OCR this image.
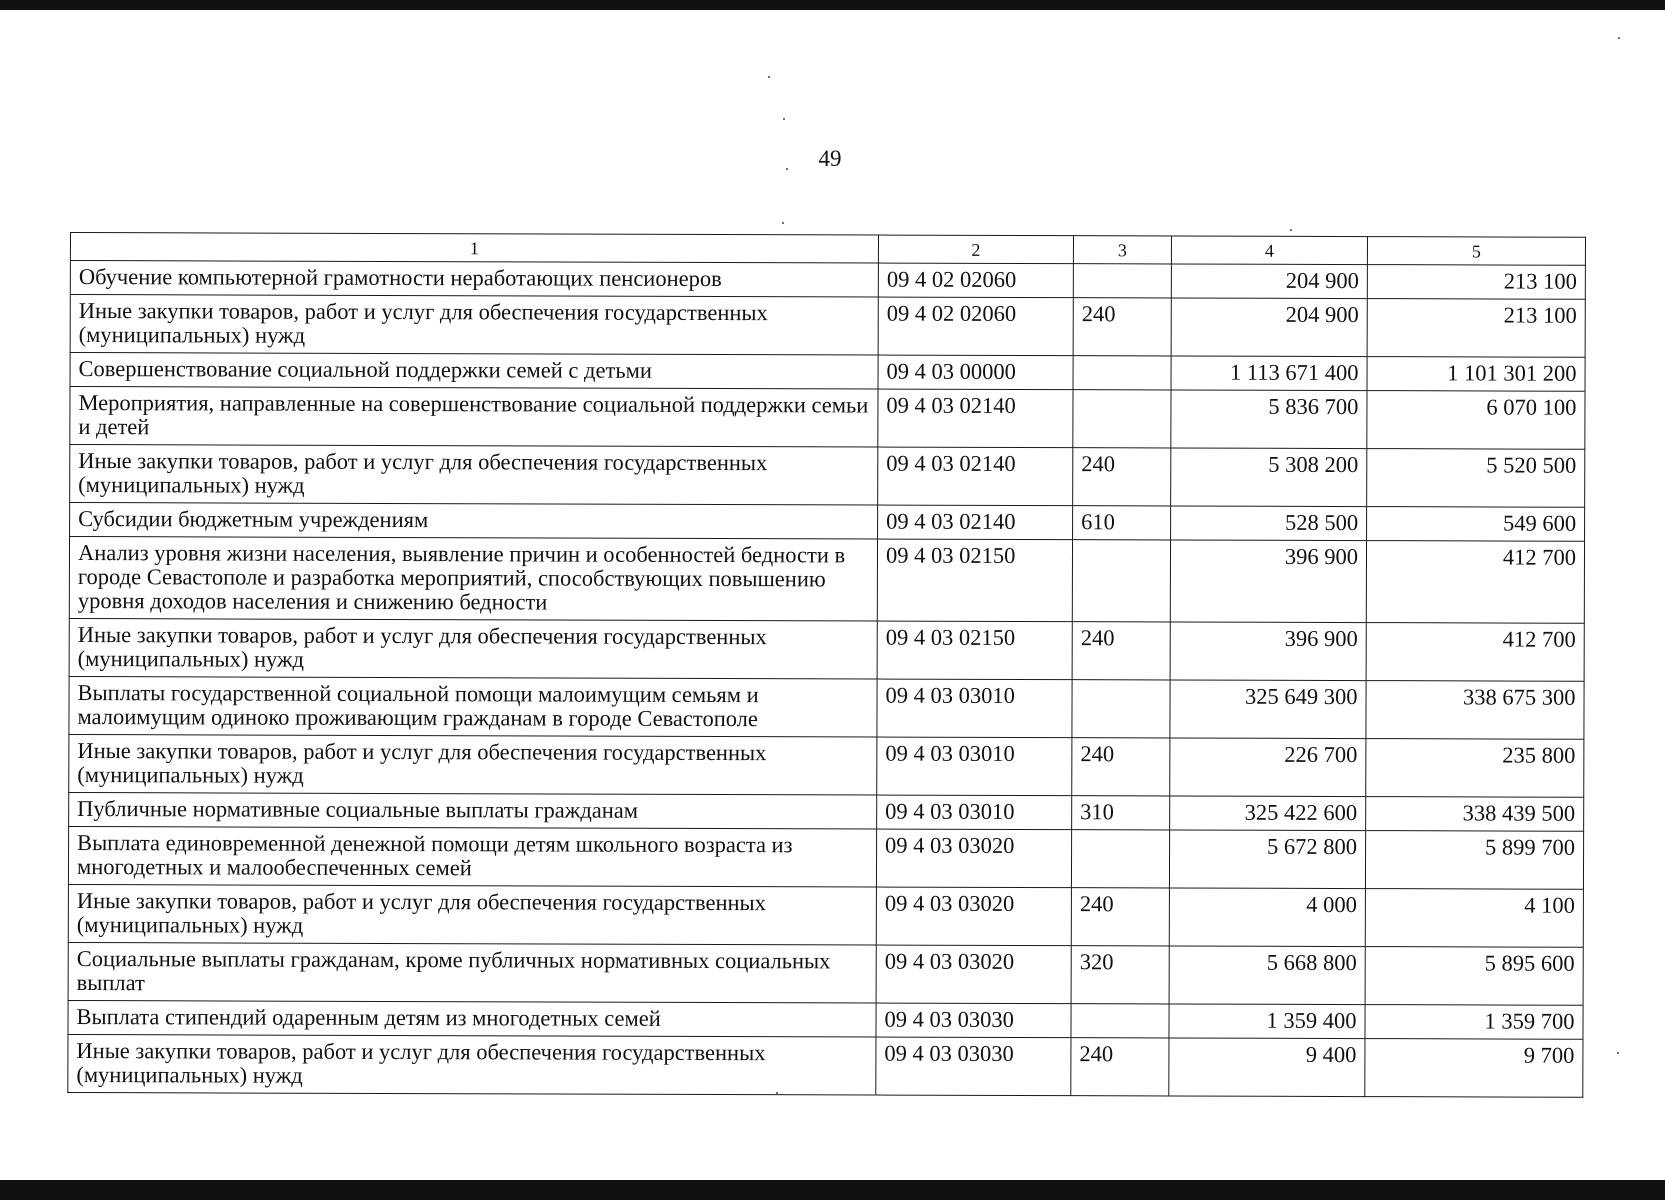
49
1	2	3	4	5
Обучение компьютерной грамотности неработающих пенсионеров	09 4 02 02060		204 900	213 100
Иные закупки товаров, работ и услуг для обеспечения государственных (муниципальных) нужд	09 4 02 02060	240	204 900	213 100
Совершенствование социальной поддержки семей с детьми	09 4 03 00000		1 113 671 400	1 101 301 200
Мероприятия, направленные на совершенствование социальной поддержки семьи и детей	09 4 03 02140		5 836 700	6 070 100
Иные закупки товаров, работ и услуг для обеспечения государственных (муниципальных) нужд	09 4 03 02140	240	5 308 200	5 520 500
Субсидии бюджетным учреждениям	09 4 03 02140	610	528 500	549 600
Анализ уровня жизни населения, выявление причин и особенностей бедности в городе Севастополе и разработка мероприятий, способствующих повышению уровня доходов населения и снижению бедности	09 4 03 02150		396 900	412 700
Иные закупки товаров, работ и услуг для обеспечения государственных (муниципальных) нужд	09 4 03 02150	240	396 900	412 700
Выплаты государственной социальной помощи малоимущим семьям и малоимущим одиноко проживающим гражданам в городе Севастополе	09 4 03 03010		325 649 300	338 675 300
Иные закупки товаров, работ и услуг для обеспечения государственных (муниципальных) нужд	09 4 03 03010	240	226 700	235 800
Публичные нормативные социальные выплаты гражданам	09 4 03 03010	310	325 422 600	338 439 500
Выплата единовременной денежной помощи детям школьного возраста из многодетных и малообеспеченных семей	09 4 03 03020		5 672 800	5 899 700
Иные закупки товаров, работ и услуг для обеспечения государственных (муниципальных) нужд	09 4 03 03020	240	4 000	4 100
Социальные выплаты гражданам, кроме публичных нормативных социальных выплат	09 4 03 03020	320	5 668 800	5 895 600
Выплата стипендий одаренным детям из многодетных семей	09 4 03 03030		1 359 400	1 359 700
Иные закупки товаров, работ и услуг для обеспечения государственных (муниципальных) нужд	09 4 03 03030	240	9 400	9 700
